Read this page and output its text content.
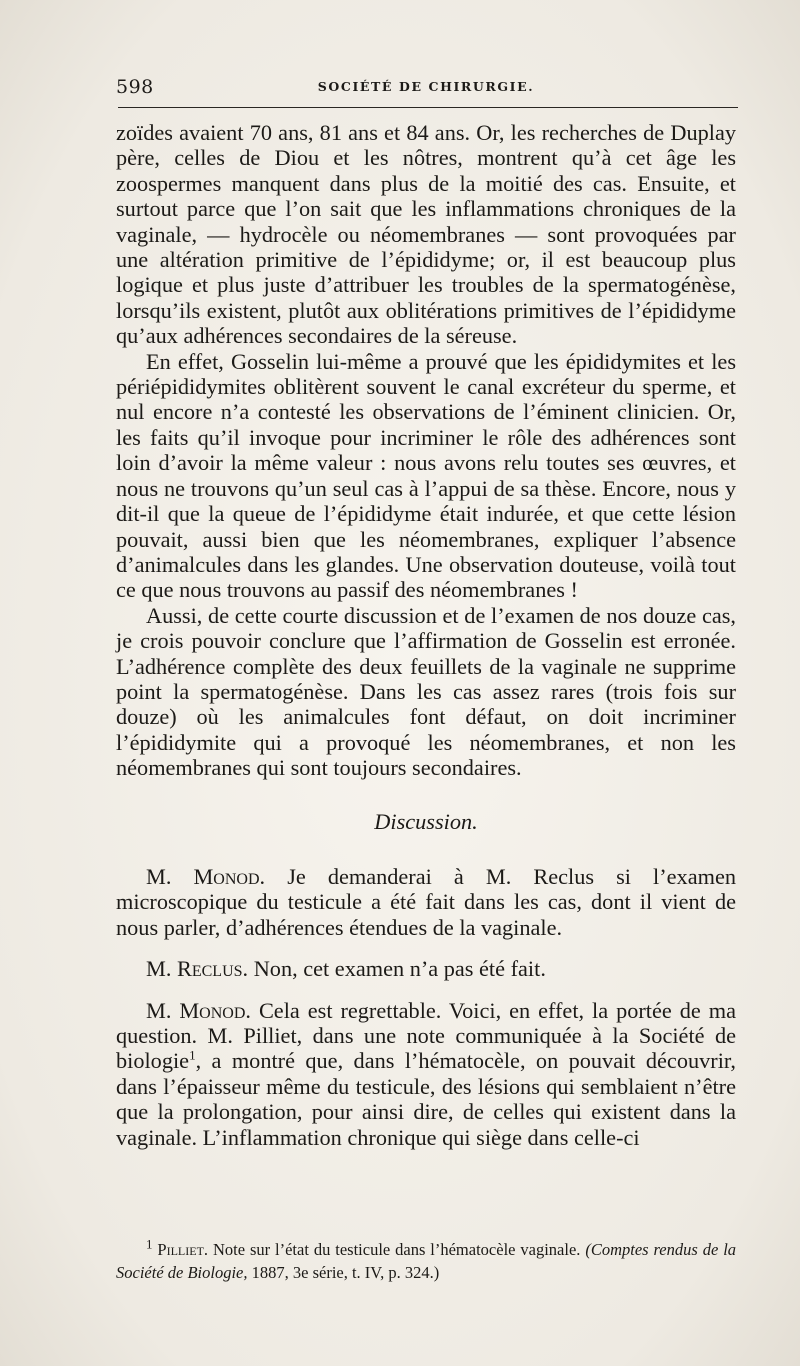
598	SOCIÉTÉ DE CHIRURGIE.

zoïdes avaient 70 ans, 81 ans et 84 ans. Or, les recherches de Duplay père, celles de Diou et les nôtres, montrent qu’à cet âge les zoospermes manquent dans plus de la moitié des cas. Ensuite, et surtout parce que l’on sait que les inflammations chroniques de la vaginale, — hydrocèle ou néomembranes — sont provoquées par une altération primitive de l’épididyme; or, il est beaucoup plus logique et plus juste d’attribuer les troubles de la spermatogénèse, lorsqu’ils existent, plutôt aux oblitérations primitives de l’épididyme qu’aux adhérences secondaires de la séreuse.

En effet, Gosselin lui-même a prouvé que les épididymites et les périépididymites oblitèrent souvent le canal excréteur du sperme, et nul encore n’a contesté les observations de l’éminent clinicien. Or, les faits qu’il invoque pour incriminer le rôle des adhérences sont loin d’avoir la même valeur : nous avons relu toutes ses œuvres, et nous ne trouvons qu’un seul cas à l’appui de sa thèse. Encore, nous y dit-il que la queue de l’épididyme était indurée, et que cette lésion pouvait, aussi bien que les néomembranes, expliquer l’absence d’animalcules dans les glandes. Une observation douteuse, voilà tout ce que nous trouvons au passif des néomembranes !

Aussi, de cette courte discussion et de l’examen de nos douze cas, je crois pouvoir conclure que l’affirmation de Gosselin est erronée. L’adhérence complète des deux feuillets de la vaginale ne supprime point la spermatogénèse. Dans les cas assez rares (trois fois sur douze) où les animalcules font défaut, on doit incriminer l’épididymite qui a provoqué les néomembranes, et non les néomembranes qui sont toujours secondaires.

Discussion.

M. Monod. Je demanderai à M. Reclus si l’examen microscopique du testicule a été fait dans les cas, dont il vient de nous parler, d’adhérences étendues de la vaginale.

M. Reclus. Non, cet examen n’a pas été fait.

M. Monod. Cela est regrettable. Voici, en effet, la portée de ma question. M. Pilliet, dans une note communiquée à la Société de biologie$^1$, a montré que, dans l’hématocèle, on pouvait découvrir, dans l’épaisseur même du testicule, des lésions qui semblaient n’être que la prolongation, pour ainsi dire, de celles qui existent dans la vaginale. L’inflammation chronique qui siège dans celle-ci

$^1$ Pilliet. Note sur l’état du testicule dans l’hématocèle vaginale. (Comptes rendus de la Société de Biologie, 1887, 3e série, t. IV, p. 324.)
